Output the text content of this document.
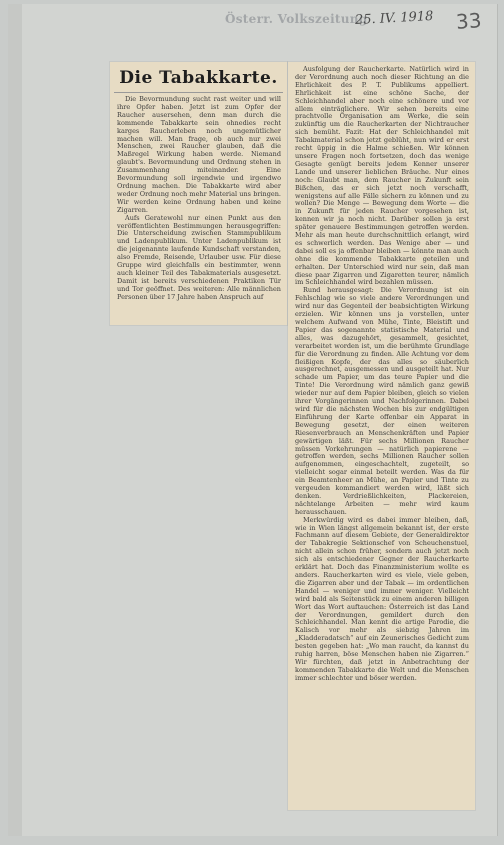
Österr. Volkszeitung
25. IV. 1918 33
Die Tabakkarte.

Die Bevormundung sucht rast weiter und will ihre Opfer haben. Jetzt ist zum Opfer der Raucher ausersehen, denn man durch die kommende Tabakkarte sein ohnedies recht karges Raucherleben noch ungemütlicher machen will. Man frage, ob auch nur zwei Menschen, zwei Raucher glauben, daß die Maßregel Wirkung haben werde. Niemand glaubt's. Bevormundung und Ordnung stehen in Zusammenhang miteinander. Eine Bevormundung soll irgendwie und irgendwo Ordnung machen. Die Tabakkarte wird aber weder Ordnung noch mehr Material uns bringen. Wir werden keine Ordnung haben und keine Zigarren.

Aufs Geratewohl nur einen Punkt aus den veröffentlichten Bestimmungen herausgegriffen: Die Unterscheidung zwischen Stammpublikum und Ladenpublikum. Unter Ladenpublikum ist die jeigenannte laufende Kundschaft verstanden, also Fremde, Reisende, Urlauber usw. Für diese Gruppe wird gleichfalls ein bestimmter, wenn auch kleiner Teil des Tabakmaterials ausgesetzt. Damit ist bereits verschiedenen Praktiken Tür und Tor geöffnet. Des weiteren: Alle männlichen Personen über 17 Jahre haben Anspruch auf

Ausfolgung der Raucherkarte. Natürlich wird in der Verordnung auch noch dieser Richtung an die Ehrlichkeit des P. T. Publikums appelliert. Ehrlichkeit ist eine schöne Sache, der Schleichhandel aber noch eine schönere und vor allem einträglichere. Wir sehen bereits eine prachtvolle Organisation am Werke, die sein zukünftig um die Raucherkarten der Nichtraucher sich bemüht. Fazit: Hat der Schleichhandel mit Tabakmaterial schon jetzt geblüht, nun wird er erst recht üppig in die Halme schießen. Wir können unsere Fragen noch fortsetzen, doch das wenige Gesagte genügt bereits jedem Kenner unserer Lande und unserer lieblichen Bräuche. Nur eines noch: Glaubt man, dem Raucher in Zukunft sein Bißchen, das er sich jetzt noch verschafft, wenigstens auf alle Fälle sichern zu können und zu wollen? Die Menge — Bewegung dem Worte — die in Zukunft für jeden Raucher vorgesehen ist, kennen wir ja noch nicht. Darüber sollen ja erst später genauere Bestimmungen getroffen werden. Mehr als man heute durchschnittlich erlangt, wird es schwerlich werden. Das Wenige aber — und dabei soll es ja offenbar bleiben — könnte man auch ohne die kommende Tabakkarte geteilen und erhalten. Der Unterschied wird nur sein, daß man diese paar Zigarren und Zigaretten teurer, nämlich im Schleichhandel wird bezahlen müssen.

Rund herausgesagt: Die Verordnung ist ein Fehlschlag wie so viele andere Verordnungen und wird nur das Gegenteil der beabsichtigten Wirkung erzielen. Wir können uns ja vorstellen, unter welchem Aufwand von Mühe, Tinte, Bleistift und Papier das sogenannte statistische Material und alles, was dazugehört, gesammelt, gesichtet, verarbeitet worden ist, um die berühmte Grundlage für die Verordnung zu finden. Alle Achtung vor dem fleißigen Kopfe, der das alles so säuberlich ausgerechnet, ausgemessen und ausgeteilt hat. Nur schade um Papier, um das teure Papier und die Tinte! Die Verordnung wird nämlich ganz gewiß wieder nur auf dem Papier bleiben, gleich so vielen ihrer Vorgängerinnen und Nachfolgerinnen. Dabei wird für die nächsten Wochen bis zur endgültigen Einführung der Karte offenbar ein Apparat in Bewegung gesetzt, der einen weiteren Riesenverbrauch an Menschenkräften und Papier gewärtigen läßt. Für sechs Millionen Raucher müssen Vorkehrungen — natürlich papierene — getroffen werden, sechs Millionen Raucher sollen aufgenommen, eingeschachtelt, zugeteilt, so vielleicht sogar einmal beteilt werden. Was da für ein Beamtenheer an Mühe, an Papier und Tinte zu vergeuden kommandiert werden wird, läßt sich denken. Verdrießlichkeiten, Plackereien, nächtelange Arbeiten — mehr wird kaum herausschauen.

Merkwürdig wird es dabei immer bleiben, daß, wie in Wien längst allgemein bekannt ist, der erste Fachmann auf diesem Gebiete, der Generaldirektor der Tabakregie Sektionschef von Scheuchenstuel, nicht allein schon früher, sondern auch jetzt noch sich als entschiedener Gegner der Raucherkarte erklärt hat. Doch das Finanzministerium wollte es anders. Raucherkarten wird es viele, viele geben, die Zigarren aber und der Tabak — im ordentlichen Handel — weniger und immer weniger. Vielleicht wird bald als Seitenstück zu einem anderen billigen Wort das Wort auftauchen: Österreich ist das Land der Verordnungen, gemildert durch den Schleichhandel. Man kennt die artige Parodie, die Kalisch vor mehr als siebzig Jahren im „Kladderadatsch“ auf ein Zeunerisches Gedicht zum besten gegeben hat: „Wo man raucht, da kannst du ruhig harren, böse Menschen haben nie Zigarren.“ Wir fürchten, daß jetzt in Anbetrachtung der kommenden Tabakkarte die Welt und die Menschen immer schlechter und böser werden.
